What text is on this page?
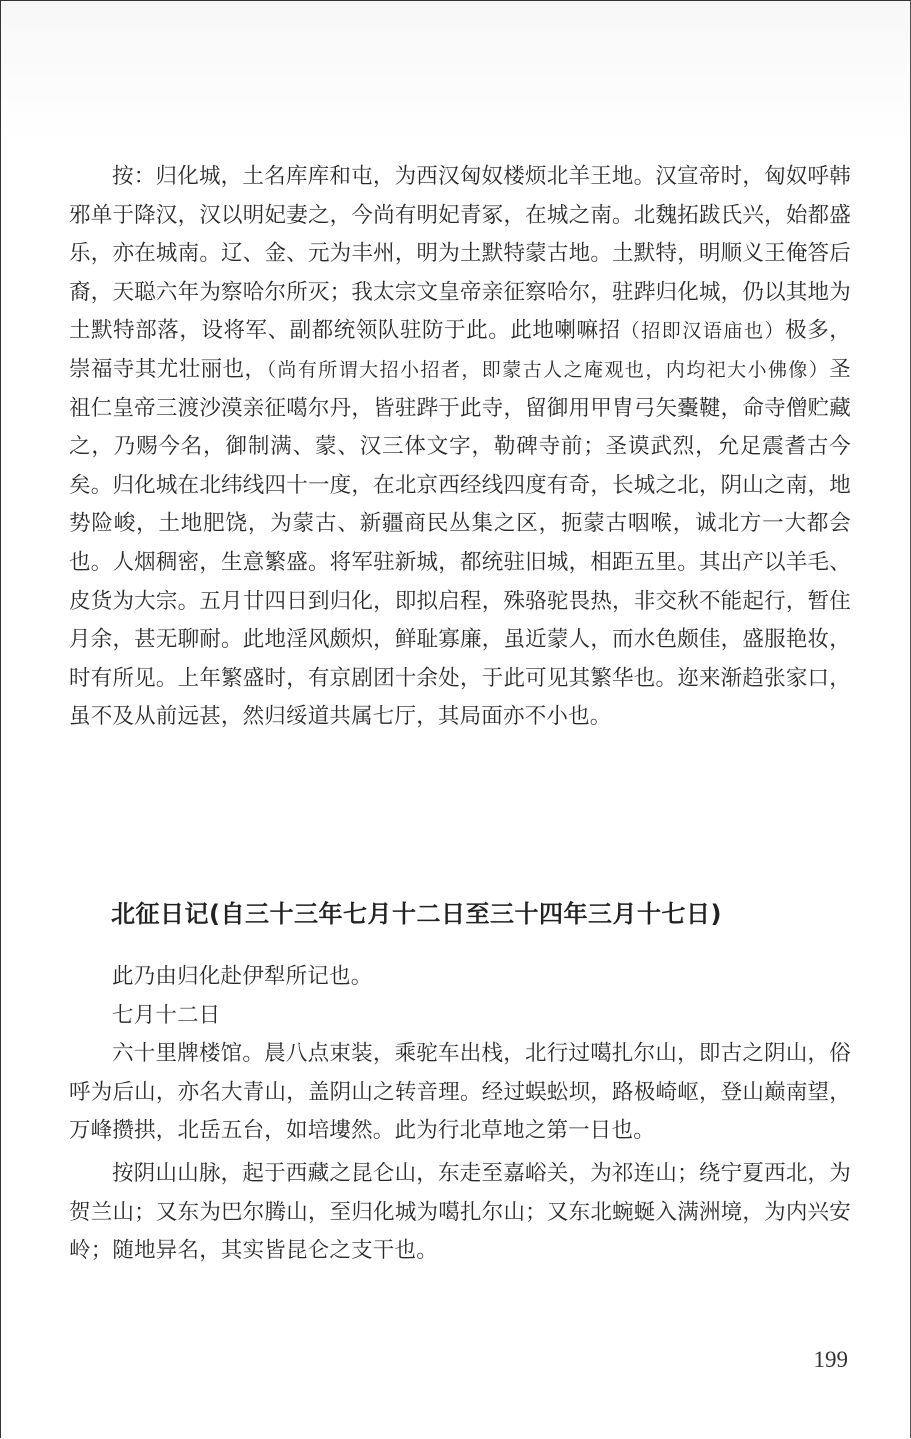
按：归化城，土名库库和屯，为西汉匈奴楼烦北羊王地。汉宣帝时，匈奴呼韩邪单于降汉，汉以明妃妻之，今尚有明妃青冢，在城之南。北魏拓跋氏兴，始都盛乐，亦在城南。辽、金、元为丰州，明为土默特蒙古地。土默特，明顺义王俺答后裔，天聪六年为察哈尔所灭；我太宗文皇帝亲征察哈尔，驻跸归化城，仍以其地为土默特部落，设将军、副都统领队驻防于此。此地喇嘛招（招即汉语庙也）极多，崇福寺其尤壮丽也，（尚有所谓大招小招者，即蒙古人之庵观也，内均祀大小佛像）圣祖仁皇帝三渡沙漠亲征噶尔丹，皆驻跸于此寺，留御用甲胄弓矢櫜鞬，命寺僧贮藏之，乃赐今名，御制满、蒙、汉三体文字，勒碑寺前；圣谟武烈，允足震耆古今矣。归化城在北纬线四十一度，在北京西经线四度有奇，长城之北，阴山之南，地势险峻，土地肥饶，为蒙古、新疆商民丛集之区，扼蒙古咽喉，诚北方一大都会也。人烟稠密，生意繁盛。将军驻新城，都统驻旧城，相距五里。其出产以羊毛、皮货为大宗。五月廿四日到归化，即拟启程，殊骆驼畏热，非交秋不能起行，暂住月余，甚无聊耐。此地淫风颇炽，鲜耻寡廉，虽近蒙人，而水色颇佳，盛服艳妆，时有所见。上年繁盛时，有京剧团十余处，于此可见其繁华也。迩来渐趋张家口，虽不及从前远甚，然归绥道共属七厅，其局面亦不小也。

北征日记(自三十三年七月十二日至三十四年三月十七日)

此乃由归化赴伊犁所记也。

七月十二日

六十里牌楼馆。晨八点束装，乘驼车出栈，北行过噶扎尔山，即古之阴山，俗呼为后山，亦名大青山，盖阴山之转音理。经过蜈蚣坝，路极崎岖，登山巅南望，万峰攒拱，北岳五台，如培塿然。此为行北草地之第一日也。

按阴山山脉，起于西藏之昆仑山，东走至嘉峪关，为祁连山；绕宁夏西北，为贺兰山；又东为巴尔腾山，至归化城为噶扎尔山；又东北蜿蜒入满洲境，为内兴安岭；随地异名，其实皆昆仑之支干也。

199
